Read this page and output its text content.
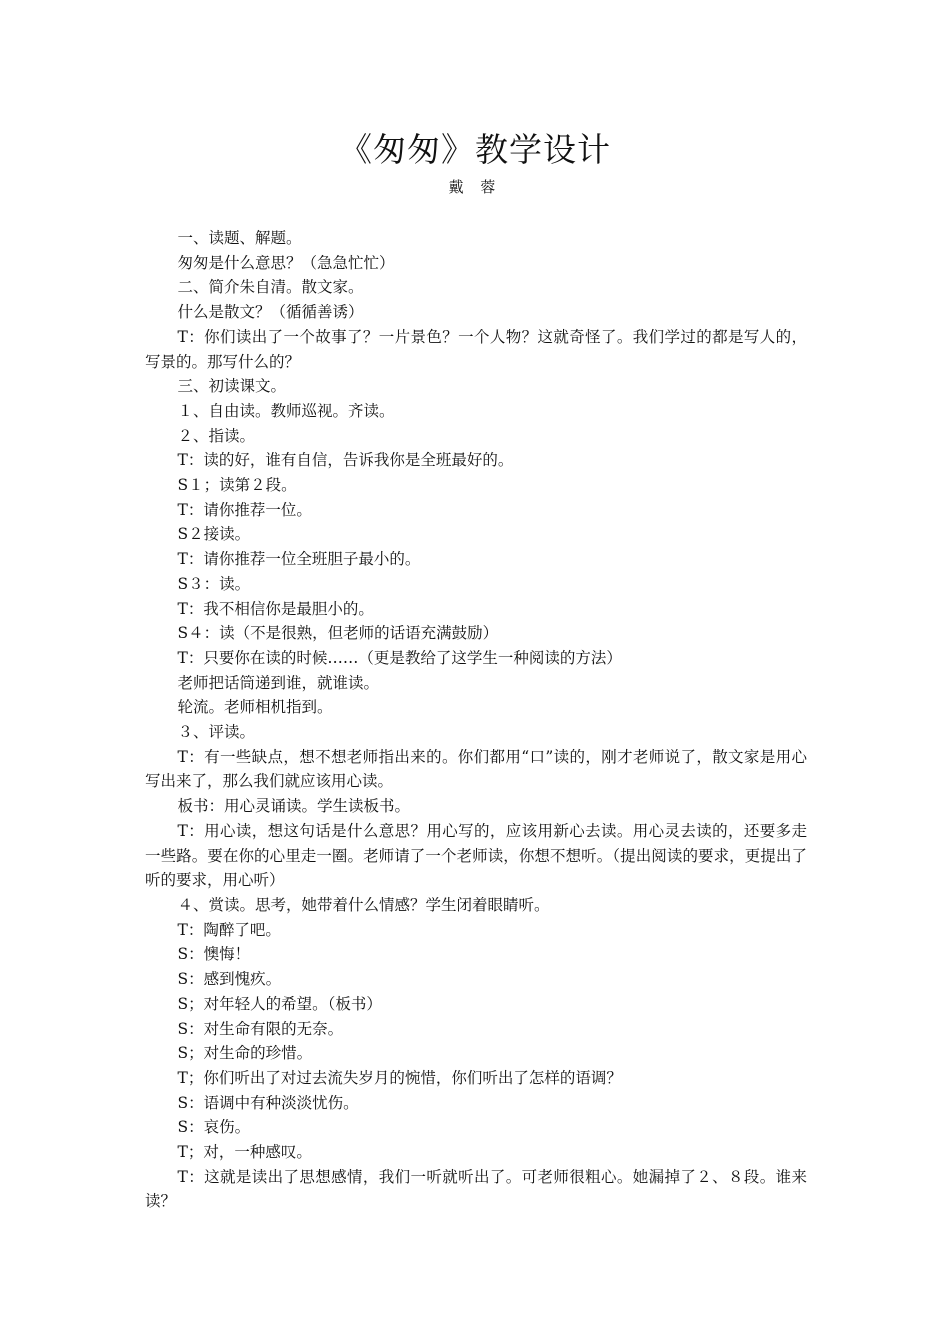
《匆匆》教学设计
戴 蓉

一、读题、解题。

匆匆是什么意思？（急急忙忙）

二、简介朱自清。散文家。

什么是散文？（循循善诱）

T：你们读出了一个故事了？一片景色？一个人物？这就奇怪了。我们学过的都是写人的，写景的。那写什么的？

三、初读课文。

１、自由读。教师巡视。齐读。

２、指读。

T：读的好，谁有自信，告诉我你是全班最好的。

S１；读第２段。

T：请你推荐一位。

S２接读。

T：请你推荐一位全班胆子最小的。

S３：读。

T：我不相信你是最胆小的。

S４：读（不是很熟，但老师的话语充满鼓励）

T：只要你在读的时候……（更是教给了这学生一种阅读的方法）

老师把话筒递到谁，就谁读。

轮流。老师相机指到。

３、评读。

T：有一些缺点，想不想老师指出来的。你们都用“口”读的，刚才老师说了，散文家是用心写出来了，那么我们就应该用心读。

板书：用心灵诵读。学生读板书。

T：用心读，想这句话是什么意思？用心写的，应该用新心去读。用心灵去读的，还要多走一些路。要在你的心里走一圈。老师请了一个老师读，你想不想听。（提出阅读的要求，更提出了听的要求，用心听）

４、赏读。思考，她带着什么情感？学生闭着眼睛听。

T：陶醉了吧。

S：懊悔！

S：感到愧疚。

S；对年轻人的希望。（板书）

S：对生命有限的无奈。

S；对生命的珍惜。

T；你们听出了对过去流失岁月的惋惜，你们听出了怎样的语调？

S：语调中有种淡淡忧伤。

S：哀伤。

T；对，一种感叹。

T：这就是读出了思想感情，我们一听就听出了。可老师很粗心。她漏掉了２、８段。谁来读？
